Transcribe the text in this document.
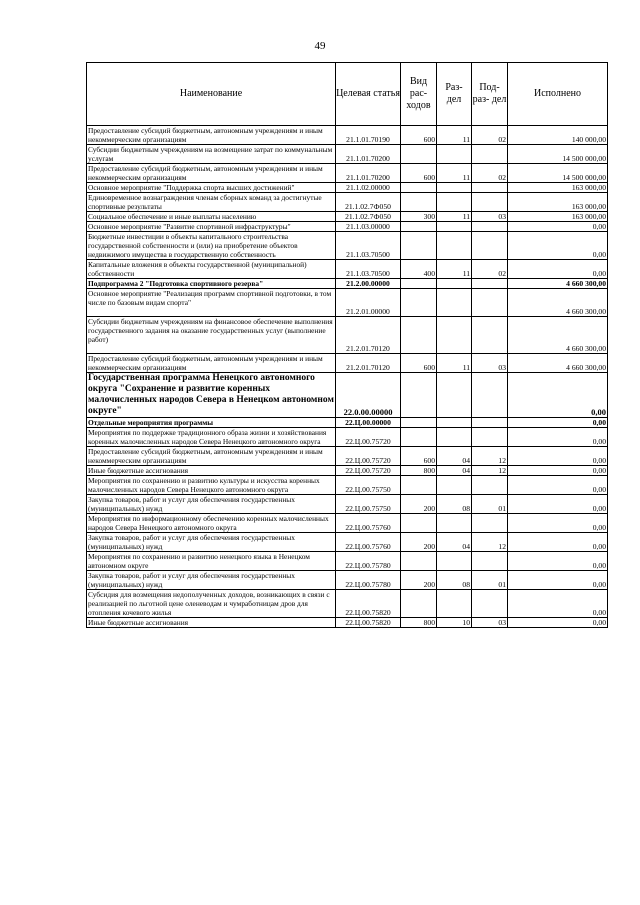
49
Наименование	Целевая статья	Вид рас- ходов	Раз- дел	Под- раз- дел	Исполнено
Предоставление субсидий бюджетным, автономным учреждениям и иным некоммерческим организациям	21.1.01.70190	600	11	02	140 000,00
Субсидии бюджетным учреждениям на возмещение затрат по коммунальным услугам	21.1.01.70200				14 500 000,00
Предоставление субсидий бюджетным, автономным учреждениям и иным некоммерческим организациям	21.1.01.70200	600	11	02	14 500 000,00
Основное мероприятие "Поддержка спорта высших достижений"	21.1.02.00000				163 000,00
Единовременное вознаграждения членам сборных команд за достигнутые спортивные результаты	21.1.02.7Ф050				163 000,00
Социальное обеспечение и иные выплаты населению	21.1.02.7Ф050	300	11	03	163 000,00
Основное мероприятие "Развитие спортивной инфраструктуры"	21.1.03.00000				0,00
Бюджетные инвестиции в объекты капитального строительства государственной собственности и (или) на приобретение объектов недвижимого имущества в государственную собственность	21.1.03.70500				0,00
Капитальные вложения в объекты государственной (муниципальной) собственности	21.1.03.70500	400	11	02	0,00
Подпрограмма 2 "Подготовка спортивного резерва"	21.2.00.00000				4 660 300,00
Основное мероприятие "Реализация программ спортивной подготовки, в том числе по базовым видам спорта"	21.2.01.00000				4 660 300,00
Субсидии бюджетным учреждениям на финансовое обеспечение выполнения государственного задания на оказание государственных услуг (выполнение работ)	21.2.01.70120				4 660 300,00
Предоставление субсидий бюджетным, автономным учреждениям и иным некоммерческим организациям	21.2.01.70120	600	11	03	4 660 300,00
Государственная программа Ненецкого автономного округа "Сохранение и развитие коренных малочисленных народов Севера в Ненецком автономном округе"	22.0.00.00000				0,00
Отдельные мероприятия программы	22.Ц.00.00000				0,00
Мероприятия по поддержке традиционного образа жизни и хозяйствования коренных малочисленных народов Севера Ненецкого автономного округа	22.Ц.00.75720				0,00
Предоставление субсидий бюджетным, автономным учреждениям и иным некоммерческим организациям	22.Ц.00.75720	600	04	12	0,00
Иные бюджетные ассигнования	22.Ц.00.75720	800	04	12	0,00
Мероприятия по сохранению и развитию культуры и искусства коренных малочисленных народов Севера Ненецкого автономного округа	22.Ц.00.75750				0,00
Закупка товаров, работ и услуг для обеспечения государственных (муниципальных) нужд	22.Ц.00.75750	200	08	01	0,00
Мероприятия по информационному обеспечению коренных малочисленных народов Севера Ненецкого автономного округа	22.Ц.00.75760				0,00
Закупка товаров, работ и услуг для обеспечения государственных (муниципальных) нужд	22.Ц.00.75760	200	04	12	0,00
Мероприятия по сохранению и развитию ненецкого языка в Ненецком автономном округе	22.Ц.00.75780				0,00
Закупка товаров, работ и услуг для обеспечения государственных (муниципальных) нужд	22.Ц.00.75780	200	08	01	0,00
Субсидия для возмещения недополученных доходов, возникающих в связи с реализацией по льготной цене оленеводам и чумработницам дров для отопления кочевого жилья	22.Ц.00.75820				0,00
Иные бюджетные ассигнования	22.Ц.00.75820	800	10	03	0,00
